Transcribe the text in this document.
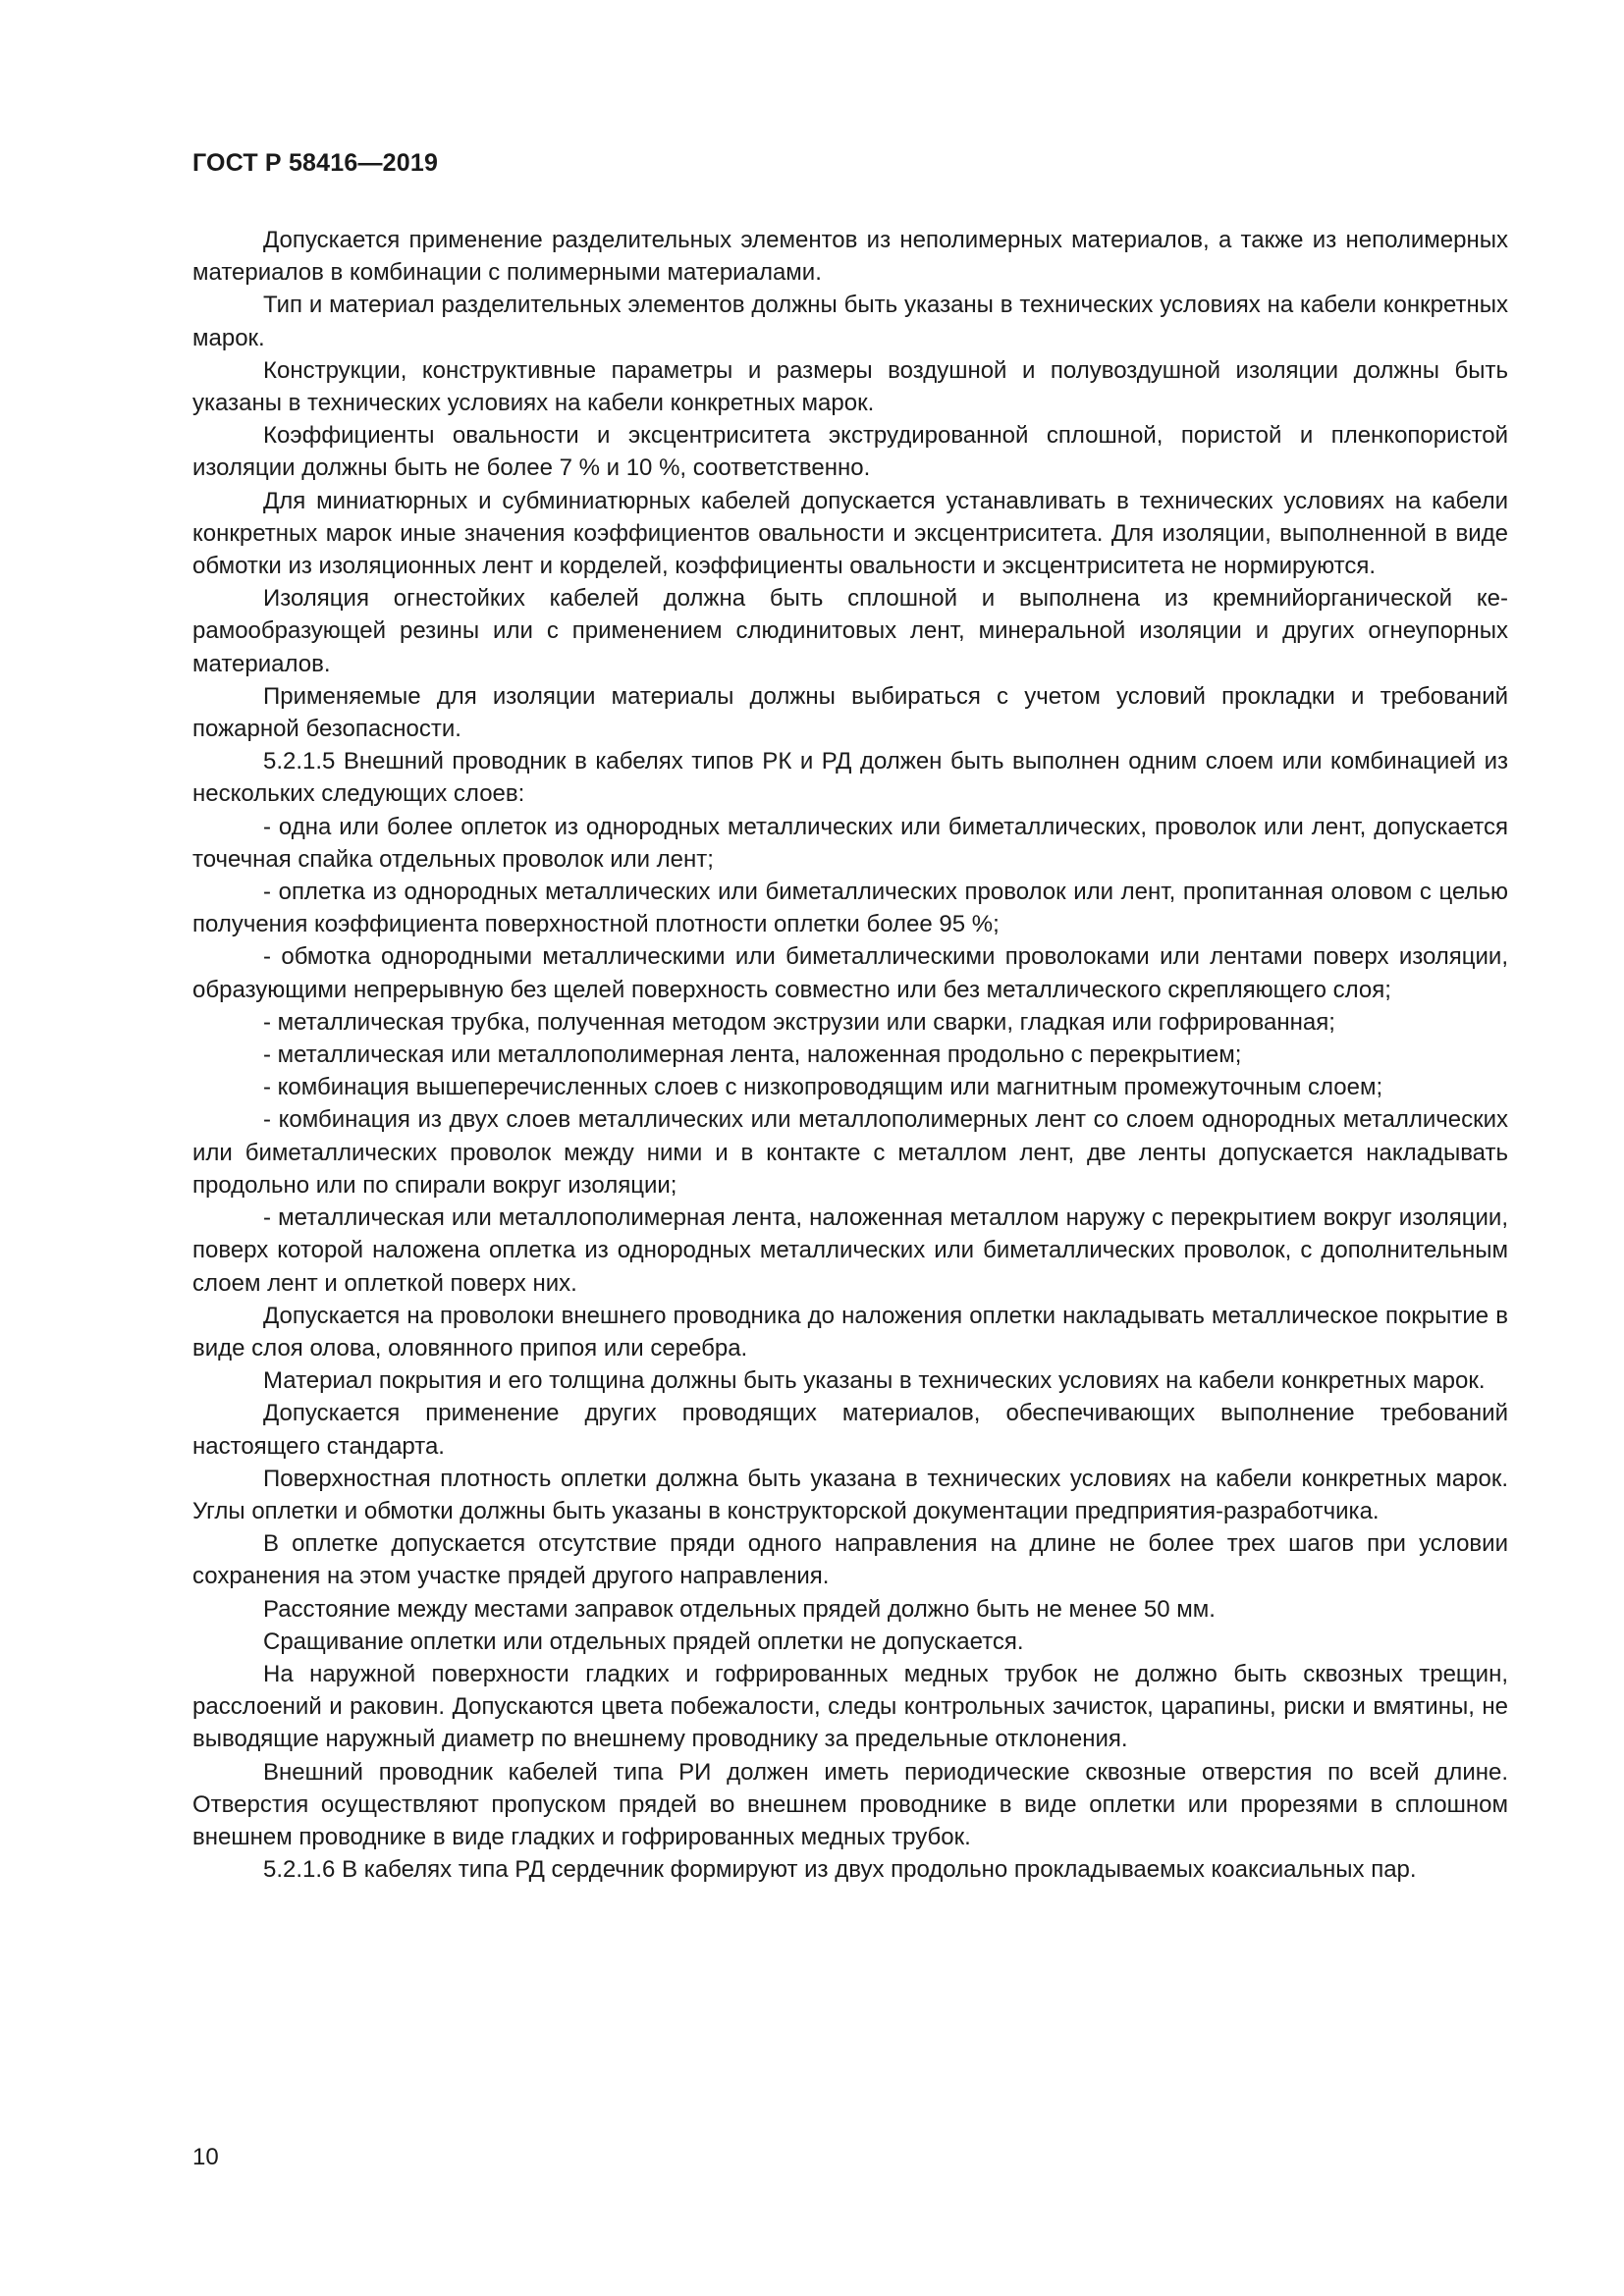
ГОСТ Р 58416—2019

Допускается применение разделительных элементов из неполимерных материалов, а также из неполимерных материалов в комбинации с полимерными материалами.

Тип и материал разделительных элементов должны быть указаны в технических условиях на кабели конкретных марок.

Конструкции, конструктивные параметры и размеры воздушной и полувоздушной изоляции должны быть указаны в технических условиях на кабели конкретных марок.

Коэффициенты овальности и эксцентриситета экструдированной сплошной, пористой и пленкопористой изоляции должны быть не более 7 % и 10 %, соответственно.

Для миниатюрных и субминиатюрных кабелей допускается устанавливать в технических условиях на кабели конкретных марок иные значения коэффициентов овальности и эксцентриситета. Для изоляции, выполненной в виде обмотки из изоляционных лент и корделей, коэффициенты овальности и эксцентриситета не нормируются.

Изоляция огнестойких кабелей должна быть сплошной и выполнена из кремнийорганической керамообразующей резины или с применением слюдинитовых лент, минеральной изоляции и других огнеупорных материалов.

Применяемые для изоляции материалы должны выбираться с учетом условий прокладки и требований пожарной безопасности.

5.2.1.5 Внешний проводник в кабелях типов РК и РД должен быть выполнен одним слоем или комбинацией из нескольких следующих слоев:

- одна или более оплеток из однородных металлических или биметаллических, проволок или лент, допускается точечная спайка отдельных проволок или лент;

- оплетка из однородных металлических или биметаллических проволок или лент, пропитанная оловом с целью получения коэффициента поверхностной плотности оплетки более 95 %;

- обмотка однородными металлическими или биметаллическими проволоками или лентами поверх изоляции, образующими непрерывную без щелей поверхность совместно или без металлического скрепляющего слоя;

- металлическая трубка, полученная методом экструзии или сварки, гладкая или гофрированная;

- металлическая или металлополимерная лента, наложенная продольно с перекрытием;

- комбинация вышеперечисленных слоев с низкопроводящим или магнитным промежуточным слоем;

- комбинация из двух слоев металлических или металлополимерных лент со слоем однородных металлических или биметаллических проволок между ними и в контакте с металлом лент, две ленты допускается накладывать продольно или по спирали вокруг изоляции;

- металлическая или металлополимерная лента, наложенная металлом наружу с перекрытием вокруг изоляции, поверх которой наложена оплетка из однородных металлических или биметаллических проволок, с дополнительным слоем лент и оплеткой поверх них.

Допускается на проволоки внешнего проводника до наложения оплетки накладывать металлическое покрытие в виде слоя олова, оловянного припоя или серебра.

Материал покрытия и его толщина должны быть указаны в технических условиях на кабели конкретных марок.

Допускается применение других проводящих материалов, обеспечивающих выполнение требований настоящего стандарта.

Поверхностная плотность оплетки должна быть указана в технических условиях на кабели конкретных марок. Углы оплетки и обмотки должны быть указаны в конструкторской документации предприятия-разработчика.

В оплетке допускается отсутствие пряди одного направления на длине не более трех шагов при условии сохранения на этом участке прядей другого направления.

Расстояние между местами заправок отдельных прядей должно быть не менее 50 мм.

Сращивание оплетки или отдельных прядей оплетки не допускается.

На наружной поверхности гладких и гофрированных медных трубок не должно быть сквозных трещин, расслоений и раковин. Допускаются цвета побежалости, следы контрольных зачисток, царапины, риски и вмятины, не выводящие наружный диаметр по внешнему проводнику за предельные отклонения.

Внешний проводник кабелей типа РИ должен иметь периодические сквозные отверстия по всей длине. Отверстия осуществляют пропуском прядей во внешнем проводнике в виде оплетки или прорезями в сплошном внешнем проводнике в виде гладких и гофрированных медных трубок.

5.2.1.6 В кабелях типа РД сердечник формируют из двух продольно прокладываемых коаксиальных пар.

10
